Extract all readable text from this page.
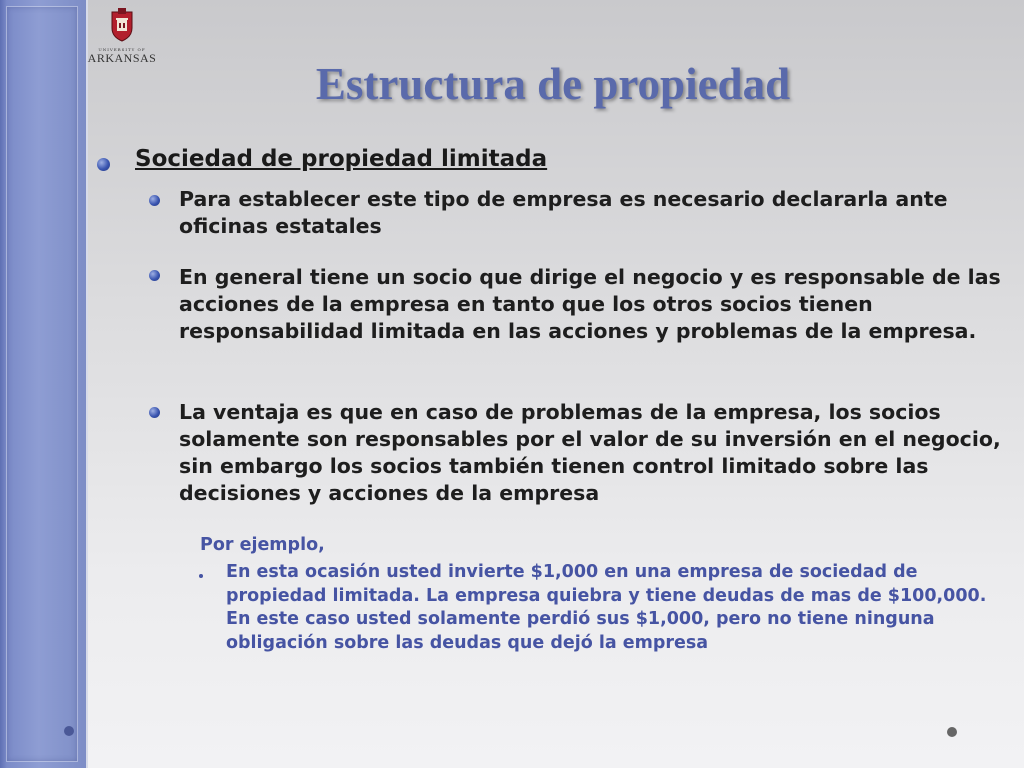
UNIVERSITY OF
ARKANSAS
Estructura de propiedad

Sociedad de propiedad limitada

Para establecer este tipo de empresa es necesario declararla ante oficinas estatales

En general tiene un socio que dirige el negocio y es responsable de las acciones de la empresa en tanto que los otros socios tienen responsabilidad limitada en las acciones y problemas de la empresa.

La ventaja es que en caso de problemas de la empresa, los socios solamente son responsables por el valor de su inversión en el negocio, sin embargo los socios también tienen control limitado sobre las decisiones y acciones de la empresa

Por ejemplo,

En esta ocasión usted invierte $1,000 en una empresa de sociedad de propiedad limitada. La empresa quiebra y tiene deudas de mas de $100,000. En este caso usted solamente perdió sus $1,000, pero no tiene ninguna obligación sobre las deudas que dejó la empresa
